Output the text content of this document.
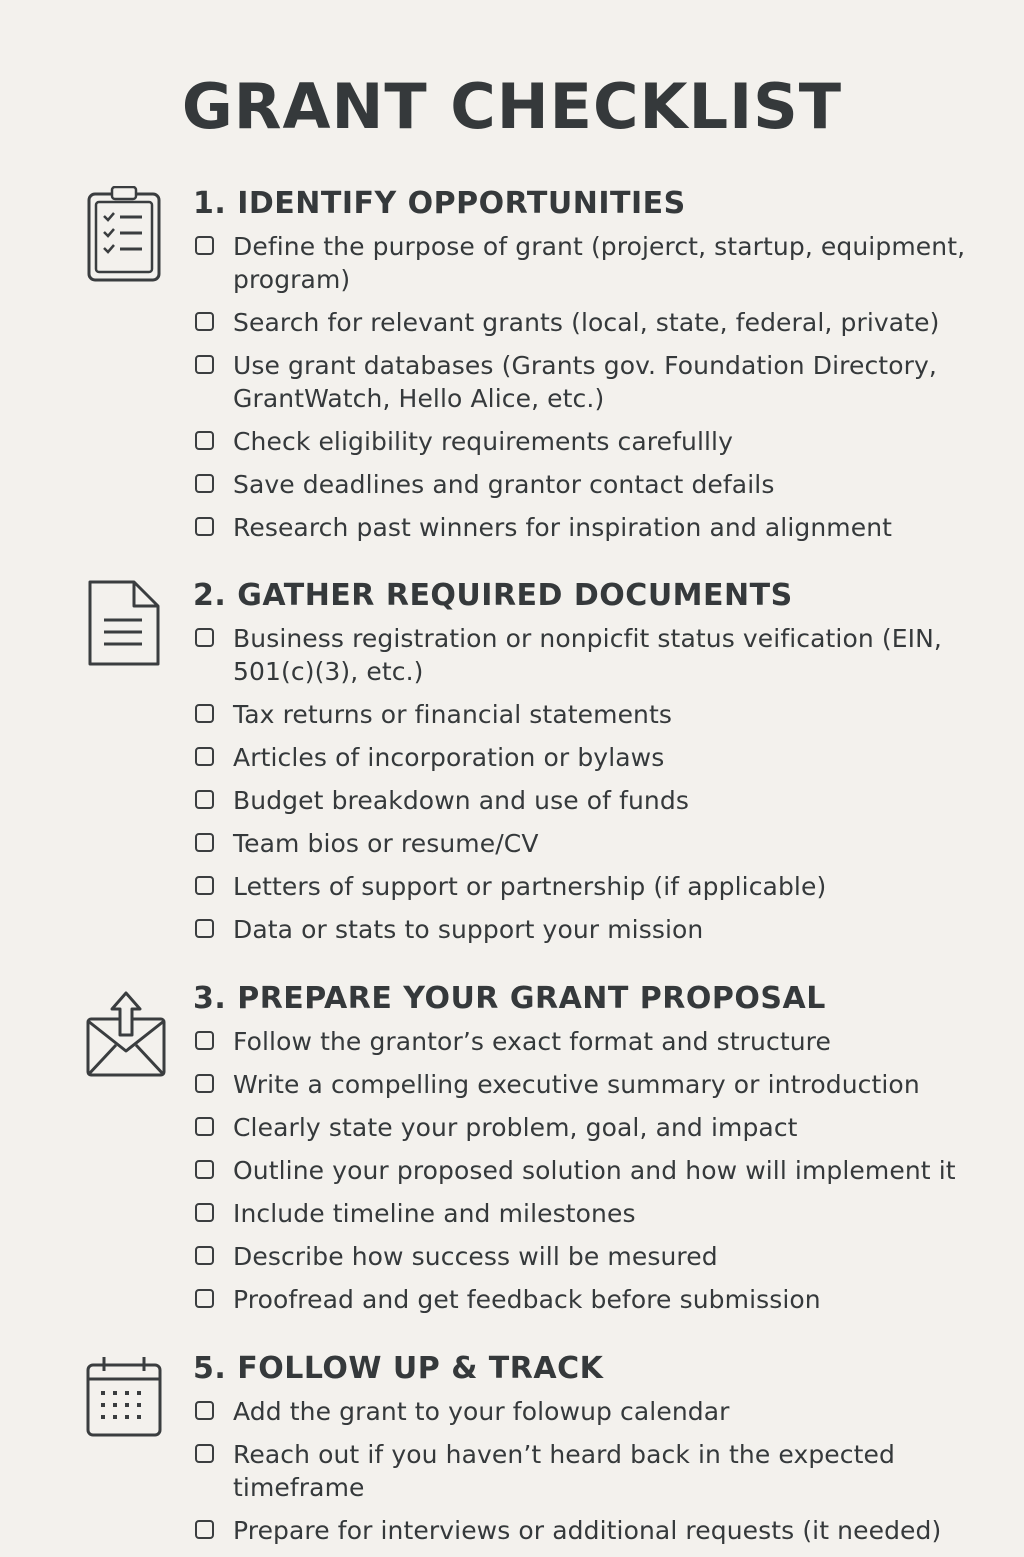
GRANT CHECKLIST
1. IDENTIFY OPPORTUNITIES
Define the purpose of grant (projerct, startup, equipment, program)
Search for relevant grants (local, state, federal, private)
Use grant databases (Grants gov. Foundation Directory, GrantWatch, Hello Alice, etc.)
Check eligibility requirements carefullly
Save deadlines and grantor contact defails
Research past winners for inspiration and alignment
2. GATHER REQUIRED DOCUMENTS
Business registration or nonpicfit status veification (EIN, 501(c)(3), etc.)
Tax returns or financial statements
Articles of incorporation or bylaws
Budget breakdown and use of funds
Team bios or resume/CV
Letters of support or partnership (if applicable)
Data or stats to support your mission
3. PREPARE YOUR GRANT PROPOSAL
Follow the grantor’s exact format and structure
Write a compelling executive summary or introduction
Clearly state your problem, goal, and impact
Outline your proposed solution and how will implement it
Include timeline and milestones
Describe how success will be mesured
Proofread and get feedback before submission
5. FOLLOW UP & TRACK
Add the grant to your folowup calendar
Reach out if you haven’t heard back in the expected timeframe
Prepare for interviews or additional requests (it needed)
